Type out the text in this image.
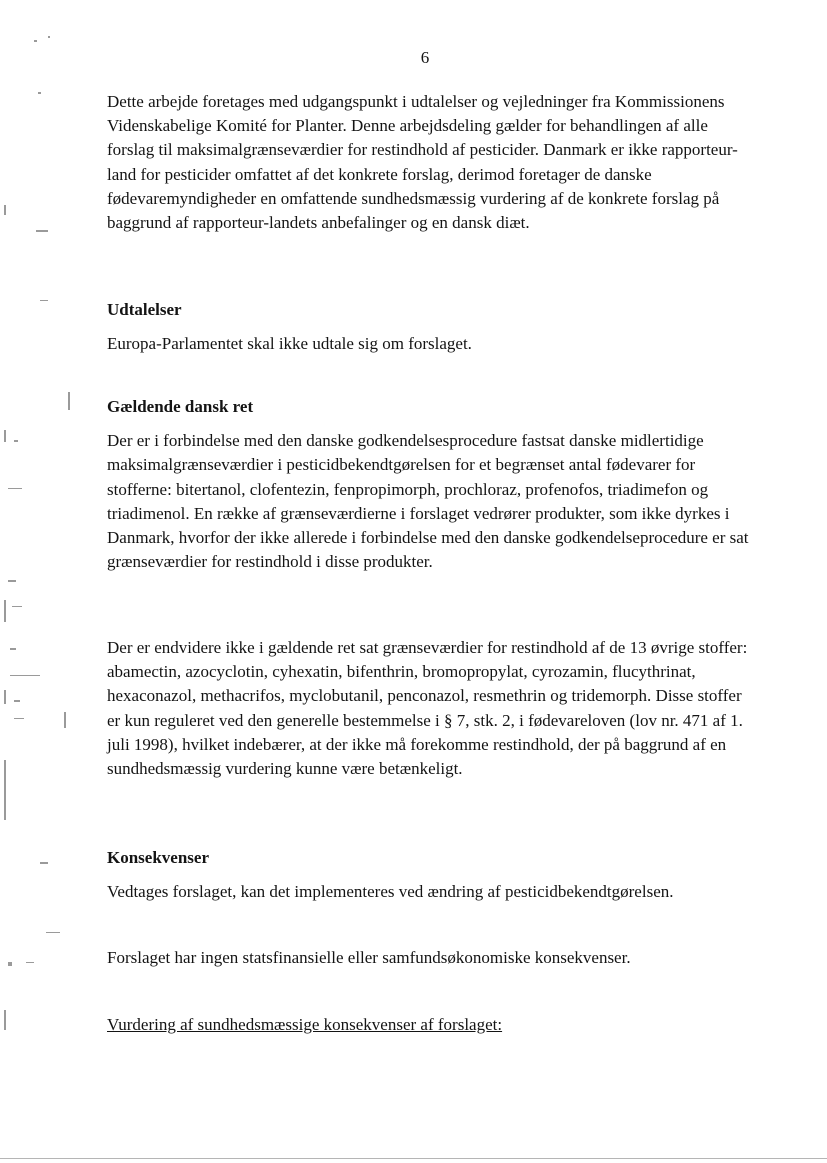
6

Dette arbejde foretages med udgangspunkt i udtalelser og vejledninger fra Kommissionens Videnskabelige Komité for Planter. Denne arbejdsdeling gælder for behandlingen af alle forslag til maksimalgrænseværdier for restindhold af pesticider. Danmark er ikke rapporteur-land for pesticider omfattet af det konkrete forslag, derimod foretager de danske fødevaremyndigheder en omfattende sundhedsmæssig vurdering af de konkrete forslag på baggrund af rapporteur-landets anbefalinger og en dansk diæt.

Udtalelser

Europa-Parlamentet skal ikke udtale sig om forslaget.

Gældende dansk ret

Der er i forbindelse med den danske godkendelsesprocedure fastsat danske midlertidige maksimalgrænseværdier i pesticidbekendtgørelsen for et begrænset antal fødevarer for stofferne: bitertanol, clofentezin, fenpropimorph, prochloraz, profenofos, triadimefon og triadimenol. En række af grænseværdierne i forslaget vedrører produkter, som ikke dyrkes i Danmark, hvorfor der ikke allerede i forbindelse med den danske godkendelseprocedure er sat grænseværdier for restindhold i disse produkter.

Der er endvidere ikke i gældende ret sat grænseværdier for restindhold af de 13 øvrige stoffer: abamectin, azocyclotin, cyhexatin, bifenthrin, bromopropylat, cyrozamin, flucythrinat, hexaconazol, methacrifos, myclobutanil, penconazol, resmethrin og tridemorph. Disse stoffer er kun reguleret ved den generelle bestemmelse i § 7, stk. 2, i fødevareloven (lov nr. 471 af 1. juli 1998), hvilket indebærer, at der ikke må forekomme restindhold, der på baggrund af en sundhedsmæssig vurdering kunne være betænkeligt.

Konsekvenser

Vedtages forslaget, kan det implementeres ved ændring af pesticidbekendtgørelsen.

Forslaget har ingen statsfinansielle eller samfundsøkonomiske konsekvenser.

Vurdering af sundhedsmæssige konsekvenser af forslaget:
